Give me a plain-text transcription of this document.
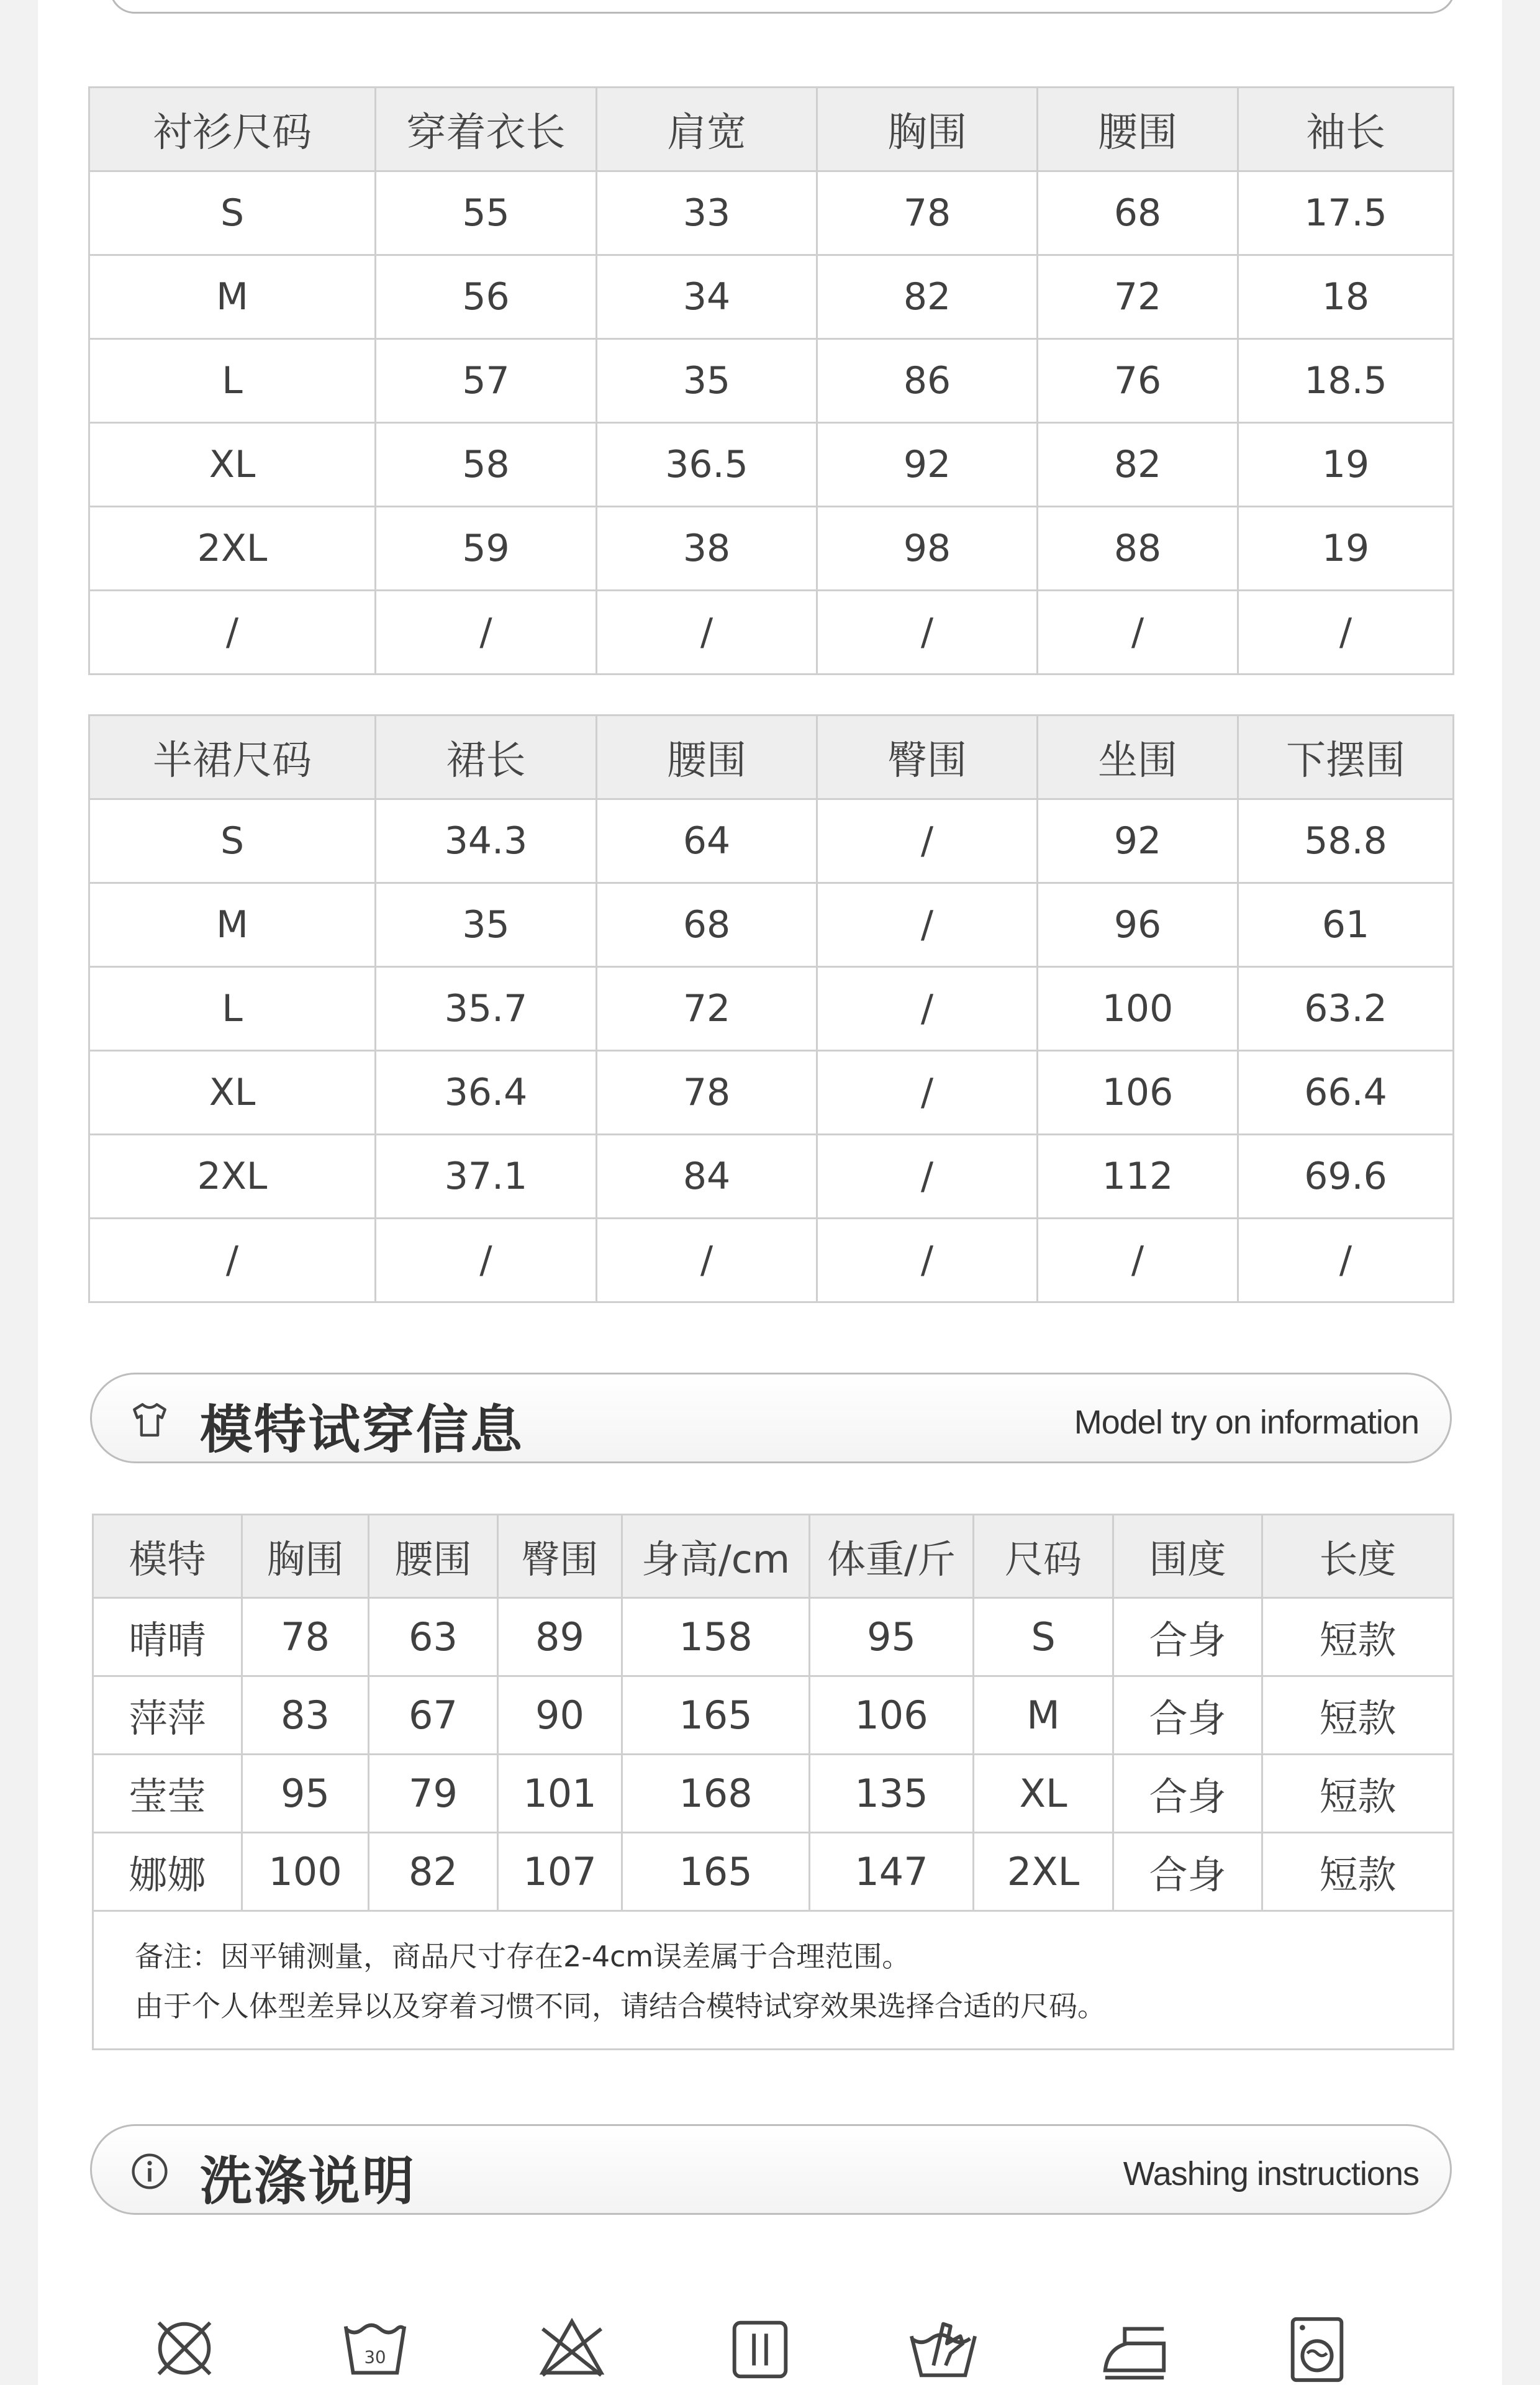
衬衫尺码	穿着衣长	肩宽	胸围	腰围	袖长
S	55	33	78	68	17.5
M	56	34	82	72	18
L	57	35	86	76	18.5
XL	58	36.5	92	82	19
2XL	59	38	98	88	19
/	/	/	/	/	/
半裙尺码	裙长	腰围	臀围	坐围	下摆围
S	34.3	64	/	92	58.8
M	35	68	/	96	61
L	35.7	72	/	100	63.2
XL	36.4	78	/	106	66.4
2XL	37.1	84	/	112	69.6
/	/	/	/	/	/
模特试穿信息	Model try on information
模特	胸围	腰围	臀围	身高/cm	体重/斤	尺码	围度	长度
晴晴	78	63	89	158	95	S	合身	短款
萍萍	83	67	90	165	106	M	合身	短款
莹莹	95	79	101	168	135	XL	合身	短款
娜娜	100	82	107	165	147	2XL	合身	短款

备注：因平铺测量，商品尺寸存在2-4cm误差属于合理范围。
由于个人体型差异以及穿着习惯不同，请结合模特试穿效果选择合适的尺码。								
洗涤说明	Washing instructions
30
